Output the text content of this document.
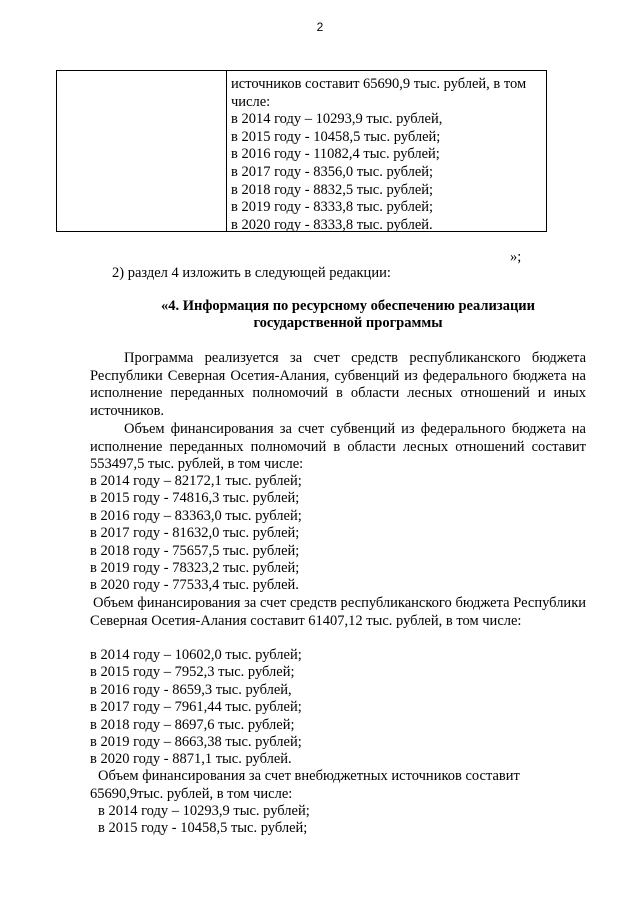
2
источников составит 65690,9 тыс. рублей, в том
числе:
в 2014 году – 10293,9 тыс. рублей,
в 2015 году - 10458,5 тыс. рублей;
в 2016 году - 11082,4 тыс. рублей;
в 2017 году - 8356,0 тыс. рублей;
в 2018 году - 8832,5 тыс. рублей;
в 2019 году - 8333,8 тыс. рублей;
в 2020 году - 8333,8 тыс. рублей.
»;
2) раздел 4 изложить в следующей редакции:
«4. Информация по ресурсному обеспечению реализации
государственной программы
Программа реализуется за счет средств республиканского бюджета Республики Северная Осетия-Алания, субвенций из федерального бюджета на исполнение переданных полномочий в области лесных отношений и иных источников.
Объем финансирования за счет субвенций из федерального бюджета на исполнение переданных полномочий в области лесных отношений составит 553497,5 тыс. рублей, в том числе:
в 2014 году – 82172,1 тыс. рублей;
в 2015 году - 74816,3 тыс. рублей;
в 2016 году – 83363,0 тыс. рублей;
в 2017 году - 81632,0 тыс. рублей;
в 2018 году - 75657,5 тыс. рублей;
в 2019 году - 78323,2 тыс. рублей;
в 2020 году - 77533,4 тыс. рублей.
Объем финансирования за счет средств республиканского бюджета Республики Северная Осетия-Алания составит 61407,12 тыс. рублей, в том числе:
в 2014 году – 10602,0 тыс. рублей;
в 2015 году – 7952,3 тыс. рублей;
в 2016 году - 8659,3 тыс. рублей,
в 2017 году – 7961,44 тыс. рублей;
в 2018 году – 8697,6 тыс. рублей;
в 2019 году – 8663,38 тыс. рублей;
в 2020 году - 8871,1 тыс. рублей.
Объем финансирования за счет внебюджетных источников составит
65690,9тыс. рублей, в том числе:
в 2014 году – 10293,9 тыс. рублей;
в 2015 году - 10458,5 тыс. рублей;
